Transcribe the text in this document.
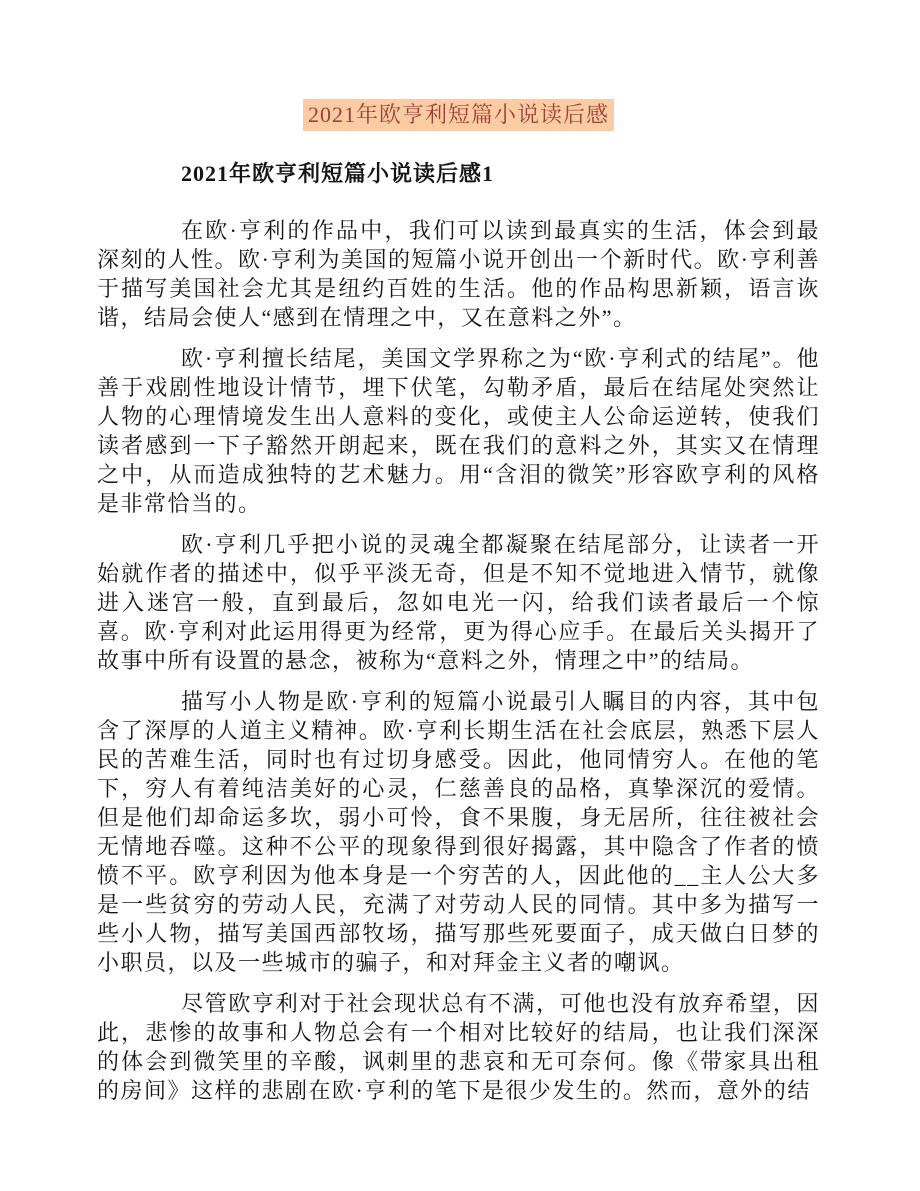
2021年欧亨利短篇小说读后感
2021年欧亨利短篇小说读后感1

在欧·亨利的作品中，我们可以读到最真实的生活，体会到最深刻的人性。欧·亨利为美国的短篇小说开创出一个新时代。欧·亨利善于描写美国社会尤其是纽约百姓的生活。他的作品构思新颖，语言诙谐，结局会使人“感到在情理之中，又在意料之外”。

欧·亨利擅长结尾，美国文学界称之为“欧·亨利式的结尾”。他善于戏剧性地设计情节，埋下伏笔，勾勒矛盾，最后在结尾处突然让人物的心理情境发生出人意料的变化，或使主人公命运逆转，使我们读者感到一下子豁然开朗起来，既在我们的意料之外，其实又在情理之中，从而造成独特的艺术魅力。用“含泪的微笑”形容欧亨利的风格是非常恰当的。

欧·亨利几乎把小说的灵魂全都凝聚在结尾部分，让读者一开始就作者的描述中，似乎平淡无奇，但是不知不觉地进入情节，就像进入迷宫一般，直到最后，忽如电光一闪，给我们读者最后一个惊喜。欧·亨利对此运用得更为经常，更为得心应手。在最后关头揭开了故事中所有设置的悬念，被称为“意料之外，情理之中”的结局。

描写小人物是欧·亨利的短篇小说最引人瞩目的内容，其中包含了深厚的人道主义精神。欧·亨利长期生活在社会底层，熟悉下层人民的苦难生活，同时也有过切身感受。因此，他同情穷人。在他的笔下，穷人有着纯洁美好的心灵，仁慈善良的品格，真挚深沉的爱情。但是他们却命运多坎，弱小可怜，食不果腹，身无居所，往往被社会无情地吞噬。这种不公平的现象得到很好揭露，其中隐含了作者的愤愤不平。欧亨利因为他本身是一个穷苦的人，因此他的__主人公大多是一些贫穷的劳动人民，充满了对劳动人民的同情。其中多为描写一些小人物，描写美国西部牧场，描写那些死要面子，成天做白日梦的小职员，以及一些城市的骗子，和对拜金主义者的嘲讽。

尽管欧亨利对于社会现状总有不满，可他也没有放弃希望，因此，悲惨的故事和人物总会有一个相对比较好的结局，也让我们深深的体会到微笑里的辛酸，讽刺里的悲哀和无可奈何。像《带家具出租的房间》这样的悲剧在欧·亨利的笔下是很少发生的。然而，意外的结
